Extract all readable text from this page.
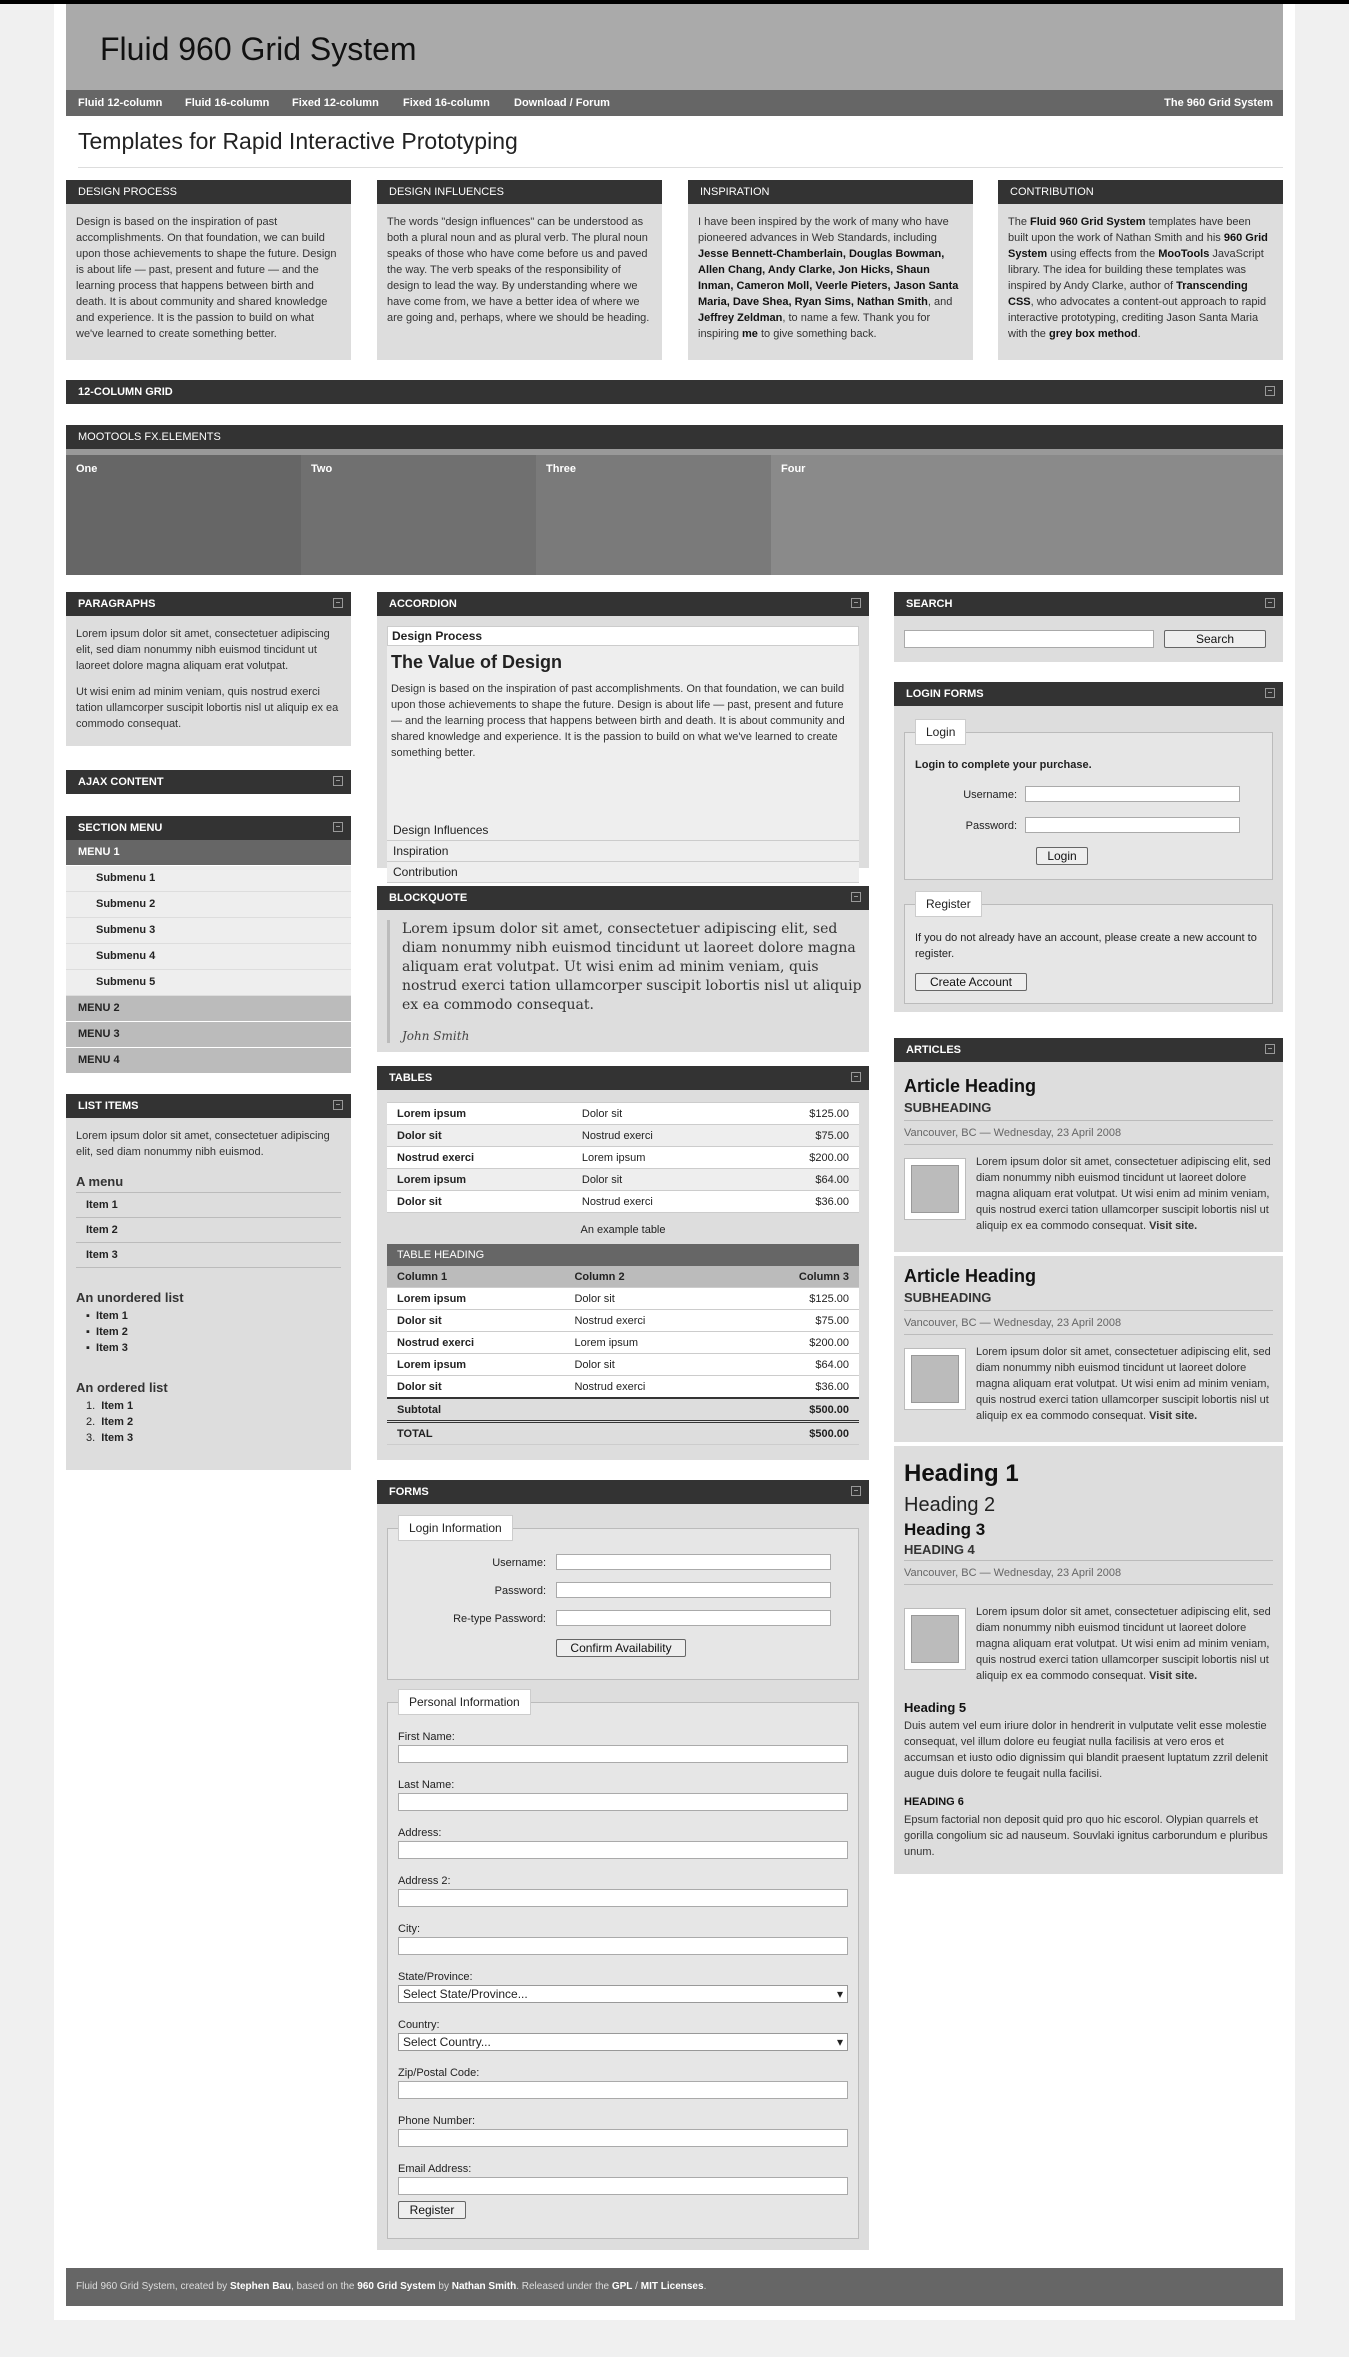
Fluid 960 Grid System
Fluid 12-column Fluid 16-column Fixed 12-column Fixed 16-column Download / Forum	The 960 Grid System
Templates for Rapid Interactive Prototyping
DESIGN PROCESS

Design is based on the inspiration of past accomplishments. On that foundation, we can build upon those achievements to shape the future. Design is about life — past, present and future — and the learning process that happens between birth and death. It is about community and shared knowledge and experience. It is the passion to build on what we've learned to create something better.

DESIGN INFLUENCES

The words "design influences" can be understood as both a plural noun and as plural verb. The plural noun speaks of those who have come before us and paved the way. The verb speaks of the responsibility of design to lead the way. By understanding where we have come from, we have a better idea of where we are going and, perhaps, where we should be heading.

INSPIRATION

I have been inspired by the work of many who have pioneered advances in Web Standards, including Jesse Bennett-Chamberlain, Douglas Bowman, Allen Chang, Andy Clarke, Jon Hicks, Shaun Inman, Cameron Moll, Veerle Pieters, Jason Santa Maria, Dave Shea, Ryan Sims, Nathan Smith, and Jeffrey Zeldman, to name a few. Thank you for inspiring me to give something back.

CONTRIBUTION

The Fluid 960 Grid System templates have been built upon the work of Nathan Smith and his 960 Grid System using effects from the MooTools JavaScript library. The idea for building these templates was inspired by Andy Clarke, author of Transcending CSS, who advocates a content-out approach to rapid interactive prototyping, crediting Jason Santa Maria with the grey box method.

12-COLUMN GRID
MOOTOOLS FX.ELEMENTS
One	Two	Three	Four
PARAGRAPHS

Lorem ipsum dolor sit amet, consectetuer adipiscing elit, sed diam nonummy nibh euismod tincidunt ut laoreet dolore magna aliquam erat volutpat.

Ut wisi enim ad minim veniam, quis nostrud exerci tation ullamcorper suscipit lobortis nisl ut aliquip ex ea commodo consequat.

AJAX CONTENT
SECTION MENU
MENU 1
Submenu 1
Submenu 2
Submenu 3
Submenu 4
Submenu 5
MENU 2
MENU 3
MENU 4
LIST ITEMS

Lorem ipsum dolor sit amet, consectetuer adipiscing elit, sed diam nonummy nibh euismod.

A menu
Item 1
Item 2
Item 3
An unordered list
▪  Item 1
▪  Item 2
▪  Item 3
An ordered list
1.  Item 1
2.  Item 2
3.  Item 3
ACCORDION
Design Process
The Value of Design
Design is based on the inspiration of past accomplishments. On that foundation, we can build upon those achievements to shape the future. Design is about life — past, present and future — and the learning process that happens between birth and death. It is about community and shared knowledge and experience. It is the passion to build on what we've learned to create something better.
Design Influences
Inspiration
Contribution
BLOCKQUOTE
Lorem ipsum dolor sit amet, consectetuer adipiscing elit, sed diam nonummy nibh euismod tincidunt ut laoreet dolore magna aliquam erat volutpat. Ut wisi enim ad minim veniam, quis nostrud exerci tation ullamcorper suscipit lobortis nisl ut aliquip ex ea commodo consequat.
John Smith
TABLES
Lorem ipsum	Dolor sit	$125.00
Dolor sit	Nostrud exerci	$75.00
Nostrud exerci	Lorem ipsum	$200.00
Lorem ipsum	Dolor sit	$64.00
Dolor sit	Nostrud exerci	$36.00
An example table
TABLE HEADING
Column 1	Column 2	Column 3
Lorem ipsum	Dolor sit	$125.00
Dolor sit	Nostrud exerci	$75.00
Nostrud exerci	Lorem ipsum	$200.00
Lorem ipsum	Dolor sit	$64.00
Dolor sit	Nostrud exerci	$36.00
Subtotal		$500.00
TOTAL		$500.00
FORMS
Login Information
Username:
Password:
Re-type Password:
Confirm Availability
Personal Information
First Name:
Last Name:
Address:
Address 2:
City:
State/Province:
Select State/Province... ▾
Country:
Select Country... ▾
Zip/Postal Code:
Phone Number:
Email Address:
Register
SEARCH
Search
LOGIN FORMS
Login
Login to complete your purchase.
Username:
Password:
Login
Register
If you do not already have an account, please create a new account to register.
Create Account
ARTICLES
Article Heading
SUBHEADING
Vancouver, BC — Wednesday, 23 April 2008
Lorem ipsum dolor sit amet, consectetuer adipiscing elit, sed diam nonummy nibh euismod tincidunt ut laoreet dolore magna aliquam erat volutpat. Ut wisi enim ad minim veniam, quis nostrud exerci tation ullamcorper suscipit lobortis nisl ut aliquip ex ea commodo consequat. Visit site.
Article Heading
SUBHEADING
Vancouver, BC — Wednesday, 23 April 2008
Lorem ipsum dolor sit amet, consectetuer adipiscing elit, sed diam nonummy nibh euismod tincidunt ut laoreet dolore magna aliquam erat volutpat. Ut wisi enim ad minim veniam, quis nostrud exerci tation ullamcorper suscipit lobortis nisl ut aliquip ex ea commodo consequat. Visit site.
Heading 1
Heading 2
Heading 3
HEADING 4
Vancouver, BC — Wednesday, 23 April 2008
Lorem ipsum dolor sit amet, consectetuer adipiscing elit, sed diam nonummy nibh euismod tincidunt ut laoreet dolore magna aliquam erat volutpat. Ut wisi enim ad minim veniam, quis nostrud exerci tation ullamcorper suscipit lobortis nisl ut aliquip ex ea commodo consequat. Visit site.
Heading 5
Duis autem vel eum iriure dolor in hendrerit in vulputate velit esse molestie consequat, vel illum dolore eu feugiat nulla facilisis at vero eros et accumsan et iusto odio dignissim qui blandit praesent luptatum zzril delenit augue duis dolore te feugait nulla facilisi.
HEADING 6
Epsum factorial non deposit quid pro quo hic escorol. Olypian quarrels et gorilla congolium sic ad nauseum. Souvlaki ignitus carborundum e pluribus unum.
Fluid 960 Grid System, created by Stephen Bau, based on the 960 Grid System by Nathan Smith. Released under the GPL / MIT Licenses.
